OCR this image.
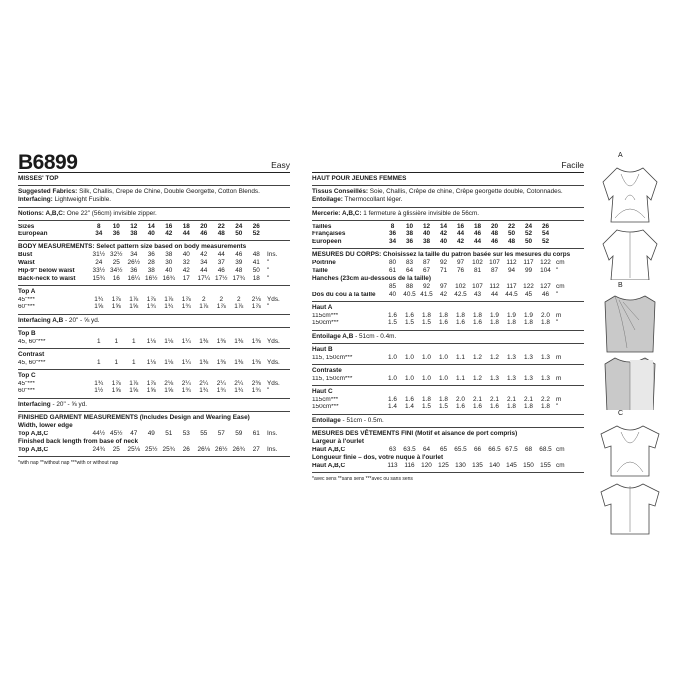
B6899	Easy
MISSES' TOP
Suggested Fabrics: Silk, Challis, Crepe de Chine, Double Georgette, Cotton Blends. Interfacing: Lightweight Fusible.
Notions: A,B,C: One 22" (56cm) invisible zipper.
Sizes	8	10	12	14	16	18	20	22	24	26
European	34	36	38	40	42	44	46	48	50	52
BODY MEASUREMENTS: Select pattern size based on body measurements
Bust	31½ 32½	34	36	38	40	42	44	46	48	Ins.
Waist	24	25	26½	28	30	32	34	37	39	41	"
Hip-9" below waist	33½ 34½	36	38	40	42	44	46	48	50	"
Back-neck to waist	15¾	16	16¼ 16½ 16¾	17	17¼ 17½ 17¾	18	"
Top A
45"***	1¾	1⅞	1⅞	1⅞	1⅞	1⅞	2	2	2	2⅛ Yds.
60"***	1⅝	1⅝	1⅝	1¾	1¾	1¾	1⅞	1⅞	1⅞	1⅞ "
Interfacing A,B - 20" - ⅝ yd.
Top B
45, 60"***	1	1	1	1⅛	1⅛	1¼	1⅜	1⅜	1⅜	1⅜ Yds.
Contrast
45, 60"***	1	1	1	1⅛	1⅛	1¼	1⅜	1⅜	1⅜	1⅜ Yds.
Top C
45"***	1¾	1⅞	1⅞	1⅞	2⅛	2¼	2¼	2¼	2¼	2⅜ Yds.
60"***	1½	1⅝	1⅝	1⅝	1⅝	1¾	1¾	1¾	1¾	1¾ "
Interfacing - 20" - ⅝ yd.
FINISHED GARMENT MEASUREMENTS (Includes Design and Wearing Ease)
Width, lower edge
Top A,B,C	44½ 45½	47	49	51	53	55	57	59	61	Ins.
Finished back length from base of neck
Top A,B,C	24¾	25	25⅛ 25½ 25¾	26	26⅛ 26½ 26¾	27	Ins.
*with nap **without nap ***with or without nap
Facile
HAUT POUR JEUNES FEMMES
Tissus Conseillés: Soie, Challis, Crêpe de chine, Crêpe georgette double, Cotonnades. Entoilage: Thermocollant léger.
Mercerie: A,B,C: 1 fermeture à glissière invisible de 56cm.
Tailles	8	10	12	14	16	18	20	22	24	26
Françaises	36	38	40	42	44	46	48	50	52	54
Européen	34	36	38	40	42	44	46	48	50	52
MESURES DU CORPS: Choisissez la taille du patron basée sur les mesures du corps
Poitrine	80	83	87	92	97	102 107	112	117	122 cm
Taille	61	64	67	71	76	81	87	94	99	104 "
Hanches (23cm au-dessous de la taille)
85	88	92	97	102 107	112	117	122 127 cm
Dos du cou à la taille	40	40.5 41.5	42	42.5	43	44	44.5	45	46	"
Haut A
115cm***	1.6	1.6	1.8	1.8	1.8	1.8	1.9	1.9	1.9	2.0 m
150cm***	1.5	1.5	1.5	1.6	1.6	1.6	1.8	1.8	1.8	1.8 "
Entoilage A,B - 51cm - 0.4m.
Haut B
115, 150cm***	1.0	1.0	1.0	1.0	1.1	1.2	1.2	1.3	1.3	1.3 m
Contraste
115, 150cm***	1.0	1.0	1.0	1.0	1.1	1.2	1.3	1.3	1.3	1.3 m
Haut C
115cm***	1.6	1.6	1.8	1.8	2.0	2.1	2.1	2.1	2.1	2.2 m
150cm***	1.4	1.4	1.5	1.5	1.6	1.6	1.6	1.8	1.8	1.8 "
Entoilage - 51cm - 0.5m.
MESURES DES VÊTEMENTS FINI (Motif et aisance de port compris)
Largeur à l'ourlet
Haut A,B,C	63	63.5	64	65	65.5	66	66.5 67.5	68	68.5 cm
Longueur finie – dos, votre nuque à l'ourlet
Haut A,B,C	113	116	120 125 130 135 140 145 150 155 cm
*avec sens **sans sens ***avec ou sans sens
A
B
C
